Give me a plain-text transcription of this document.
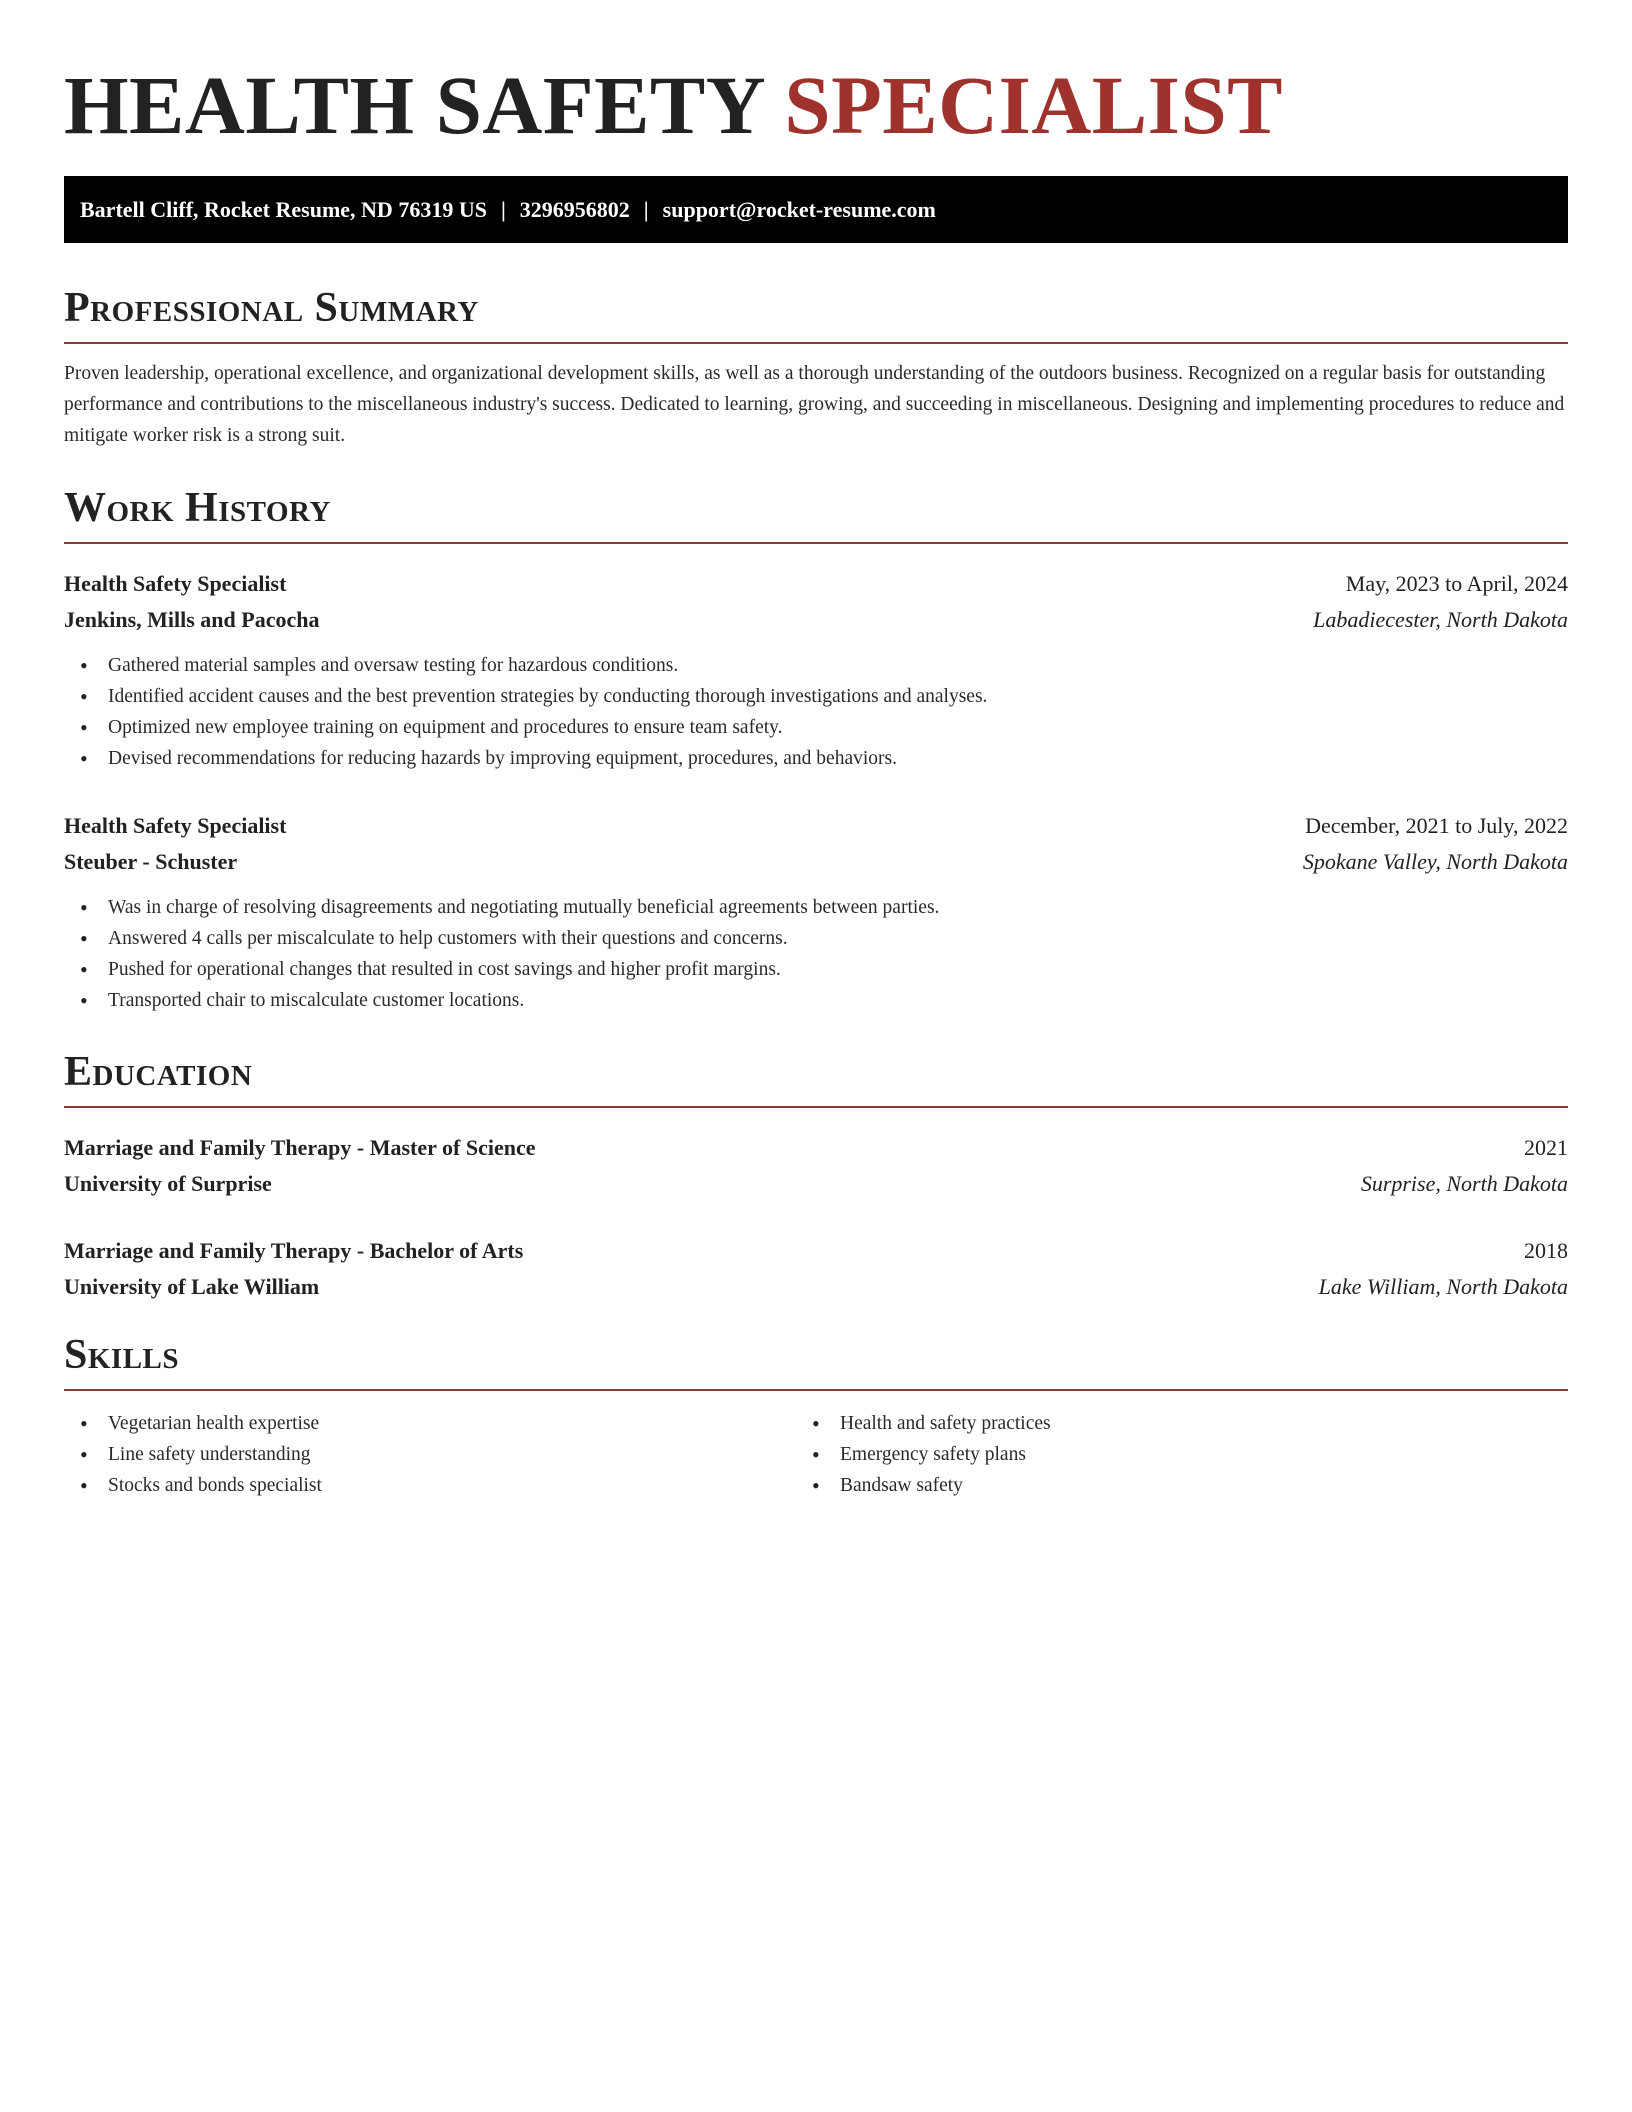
HEALTH SAFETY SPECIALIST
Bartell Cliff, Rocket Resume, ND 76319 US | 3296956802 | support@rocket-resume.com
Professional Summary

Proven leadership, operational excellence, and organizational development skills, as well as a thorough understanding of the outdoors business. Recognized on a regular basis for outstanding performance and contributions to the miscellaneous industry's success. Dedicated to learning, growing, and succeeding in miscellaneous. Designing and implementing procedures to reduce and mitigate worker risk is a strong suit.

Work History
Health Safety Specialist	May, 2023 to April, 2024
Jenkins, Mills and Pacocha	Labadiecester, North Dakota
• Gathered material samples and oversaw testing for hazardous conditions.
• Identified accident causes and the best prevention strategies by conducting thorough investigations and analyses.
• Optimized new employee training on equipment and procedures to ensure team safety.
• Devised recommendations for reducing hazards by improving equipment, procedures, and behaviors.
Health Safety Specialist	December, 2021 to July, 2022
Steuber - Schuster	Spokane Valley, North Dakota
• Was in charge of resolving disagreements and negotiating mutually beneficial agreements between parties.
• Answered 4 calls per miscalculate to help customers with their questions and concerns.
• Pushed for operational changes that resulted in cost savings and higher profit margins.
• Transported chair to miscalculate customer locations.
Education
Marriage and Family Therapy - Master of Science	2021
University of Surprise	Surprise, North Dakota
Marriage and Family Therapy - Bachelor of Arts	2018
University of Lake William	Lake William, North Dakota
Skills
• Vegetarian health expertise
• Line safety understanding
• Stocks and bonds specialist
• Health and safety practices
• Emergency safety plans
• Bandsaw safety
